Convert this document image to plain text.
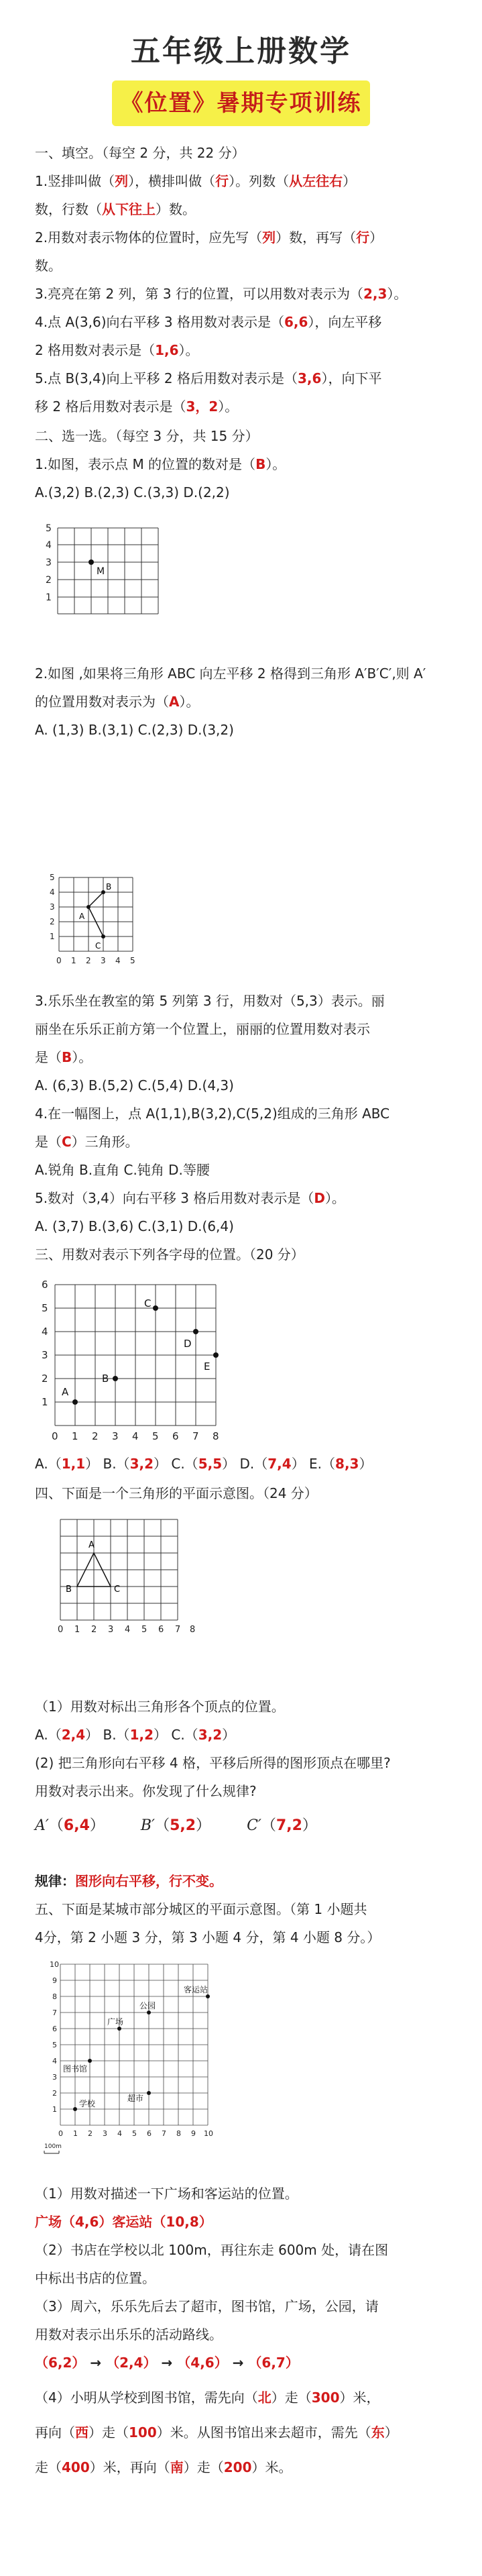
五年级上册数学
《位置》暑期专项训练
一、填空。（每空 2 分，共 22 分）
1.竖排叫做（列），横排叫做（行）。列数（从左往右）
数，行数（从下往上）数。
2.用数对表示物体的位置时，应先写（列）数，再写（行）
数。
3.亮亮在第 2 列，第 3 行的位置，可以用数对表示为（2,3）。
4.点 A(3,6)向右平移 3 格用数对表示是（6,6），向左平移
2 格用数对表示是（1,6）。
5.点 B(3,4)向上平移 2 格后用数对表示是（3,6），向下平
移 2 格后用数对表示是（3，2）。
二、选一选。（每空 3 分，共 15 分）
1.如图，表示点 M 的位置的数对是（B）。
A.(3,2) B.(2,3) C.(3,3) D.(2,2)
5
4
3
2
1
M
2.如图 ,如果将三角形 ABC 向左平移 2 格得到三角形 A′B′C′,则 A′
的位置用数对表示为（A）。
A. (1,3) B.(3,1) C.(2,3) D.(3,2)
5
4
3
2
1
0 1 2 3 4 5
B
A
C
3.乐乐坐在教室的第 5 列第 3 行，用数对（5,3）表示。丽
丽坐在乐乐正前方第一个位置上，丽丽的位置用数对表示
是（B）。
A. (6,3) B.(5,2) C.(5,4) D.(4,3)
4.在一幅图上，点 A(1,1),B(3,2),C(5,2)组成的三角形 ABC
是（C）三角形。
A.锐角 B.直角 C.钝角 D.等腰
5.数对（3,4）向右平移 3 格后用数对表示是（D）。
A. (3,7) B.(3,6) C.(3,1) D.(6,4)
三、用数对表示下列各字母的位置。（20 分）
6
5
4
3
2
1
0 1 2 3 4 5 6 7 8
A
B
C
D
E
A.（1,1） B.（3,2） C.（5,5） D.（7,4） E.（8,3）
四、下面是一个三角形的平面示意图。（24 分）
0 1 2 3 4 5 6 7 8
A
B	C
（1）用数对标出三角形各个顶点的位置。
A.（2,4） B.（1,2） C.（3,2）
(2) 把三角形向右平移 4 格，平移后所得的图形顶点在哪里?
用数对表示出来。你发现了什么规律?
A′（6,4）  B′（5,2）  C′（7,2）
规律：图形向右平移，行不变。
五、下面是某城市部分城区的平面示意图。（第 1 小题共
4分，第 2 小题 3 分，第 3 小题 4 分，第 4 小题 8 分。）
10
9
8
7
6
5
4
3
2
1
0 1 2 3 4 5 6 7 8 9 10
学校
图书馆
广场
公园
超市
客运站
100m
（1）用数对描述一下广场和客运站的位置。
广场（4,6）客运站（10,8）
（2）书店在学校以北 100m，再往东走 600m 处，请在图
中标出书店的位置。
（3）周六，乐乐先后去了超市，图书馆，广场，公园，请
用数对表示出乐乐的活动路线。
（6,2） → （2,4） → （4,6） → （6,7）
（4）小明从学校到图书馆，需先向（北）走（300）米，
再向（西）走（100）米。从图书馆出来去超市，需先（东）
走（400）米，再向（南）走（200）米。
